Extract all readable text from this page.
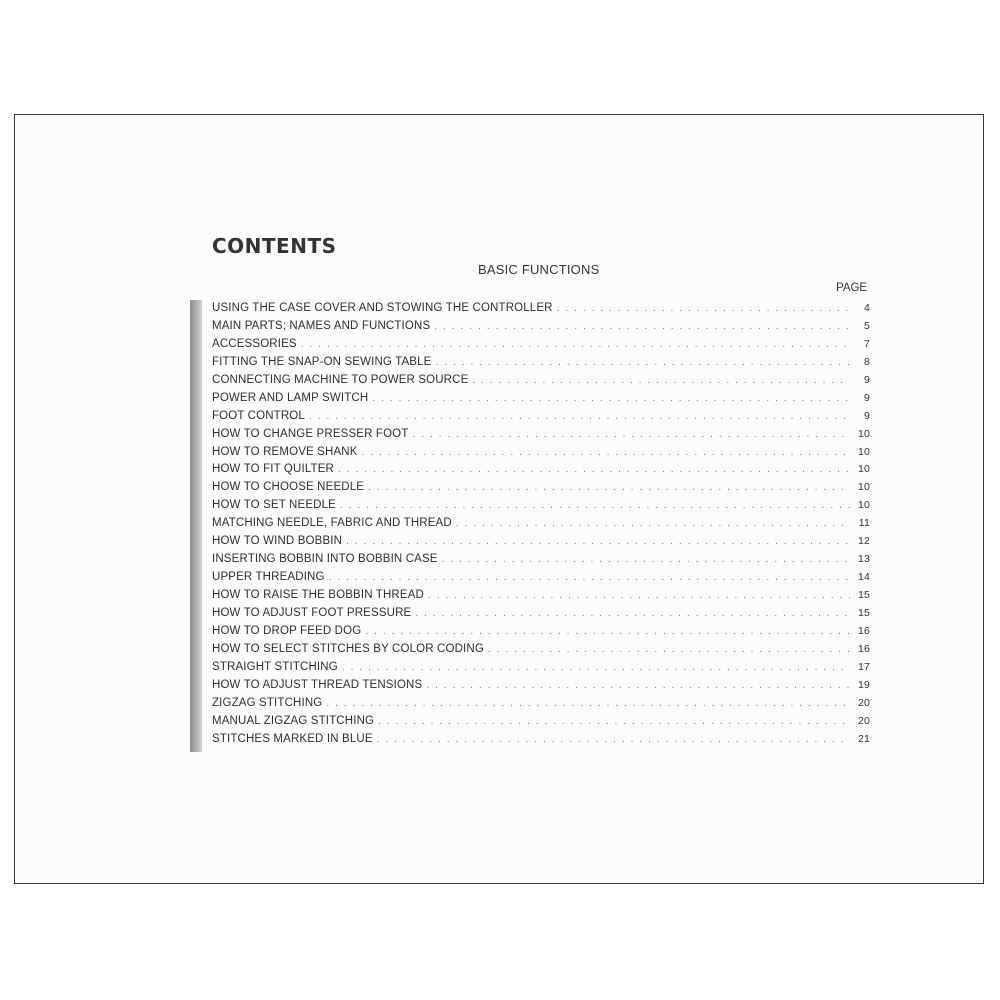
CONTENTS
BASIC FUNCTIONS
PAGE
USING THE CASE COVER AND STOWING THE CONTROLLER . . .	4
MAIN PARTS; NAMES AND FUNCTIONS . . .	5
ACCESSORIES . . .	7
FITTING THE SNAP-ON SEWING TABLE . . .	8
CONNECTING MACHINE TO POWER SOURCE . . .	9
POWER AND LAMP SWITCH . . .	9
FOOT CONTROL . . .	9
HOW TO CHANGE PRESSER FOOT . . .	10
HOW TO REMOVE SHANK . . .	10
HOW TO FIT QUILTER . . .	10
HOW TO CHOOSE NEEDLE . . .	10
HOW TO SET NEEDLE . . .	10
MATCHING NEEDLE, FABRIC AND THREAD . . .	11
HOW TO WIND BOBBIN . . .	12
INSERTING BOBBIN INTO BOBBIN CASE . . .	13
UPPER THREADING . . .	14
HOW TO RAISE THE BOBBIN THREAD . . .	15
HOW TO ADJUST FOOT PRESSURE . . .	15
HOW TO DROP FEED DOG . . .	16
HOW TO SELECT STITCHES BY COLOR CODING . . .	16
STRAIGHT STITCHING . . .	17
HOW TO ADJUST THREAD TENSIONS . . .	19
ZIGZAG STITCHING . . .	20
MANUAL ZIGZAG STITCHING . . .	20
STITCHES MARKED IN BLUE . . .	21
